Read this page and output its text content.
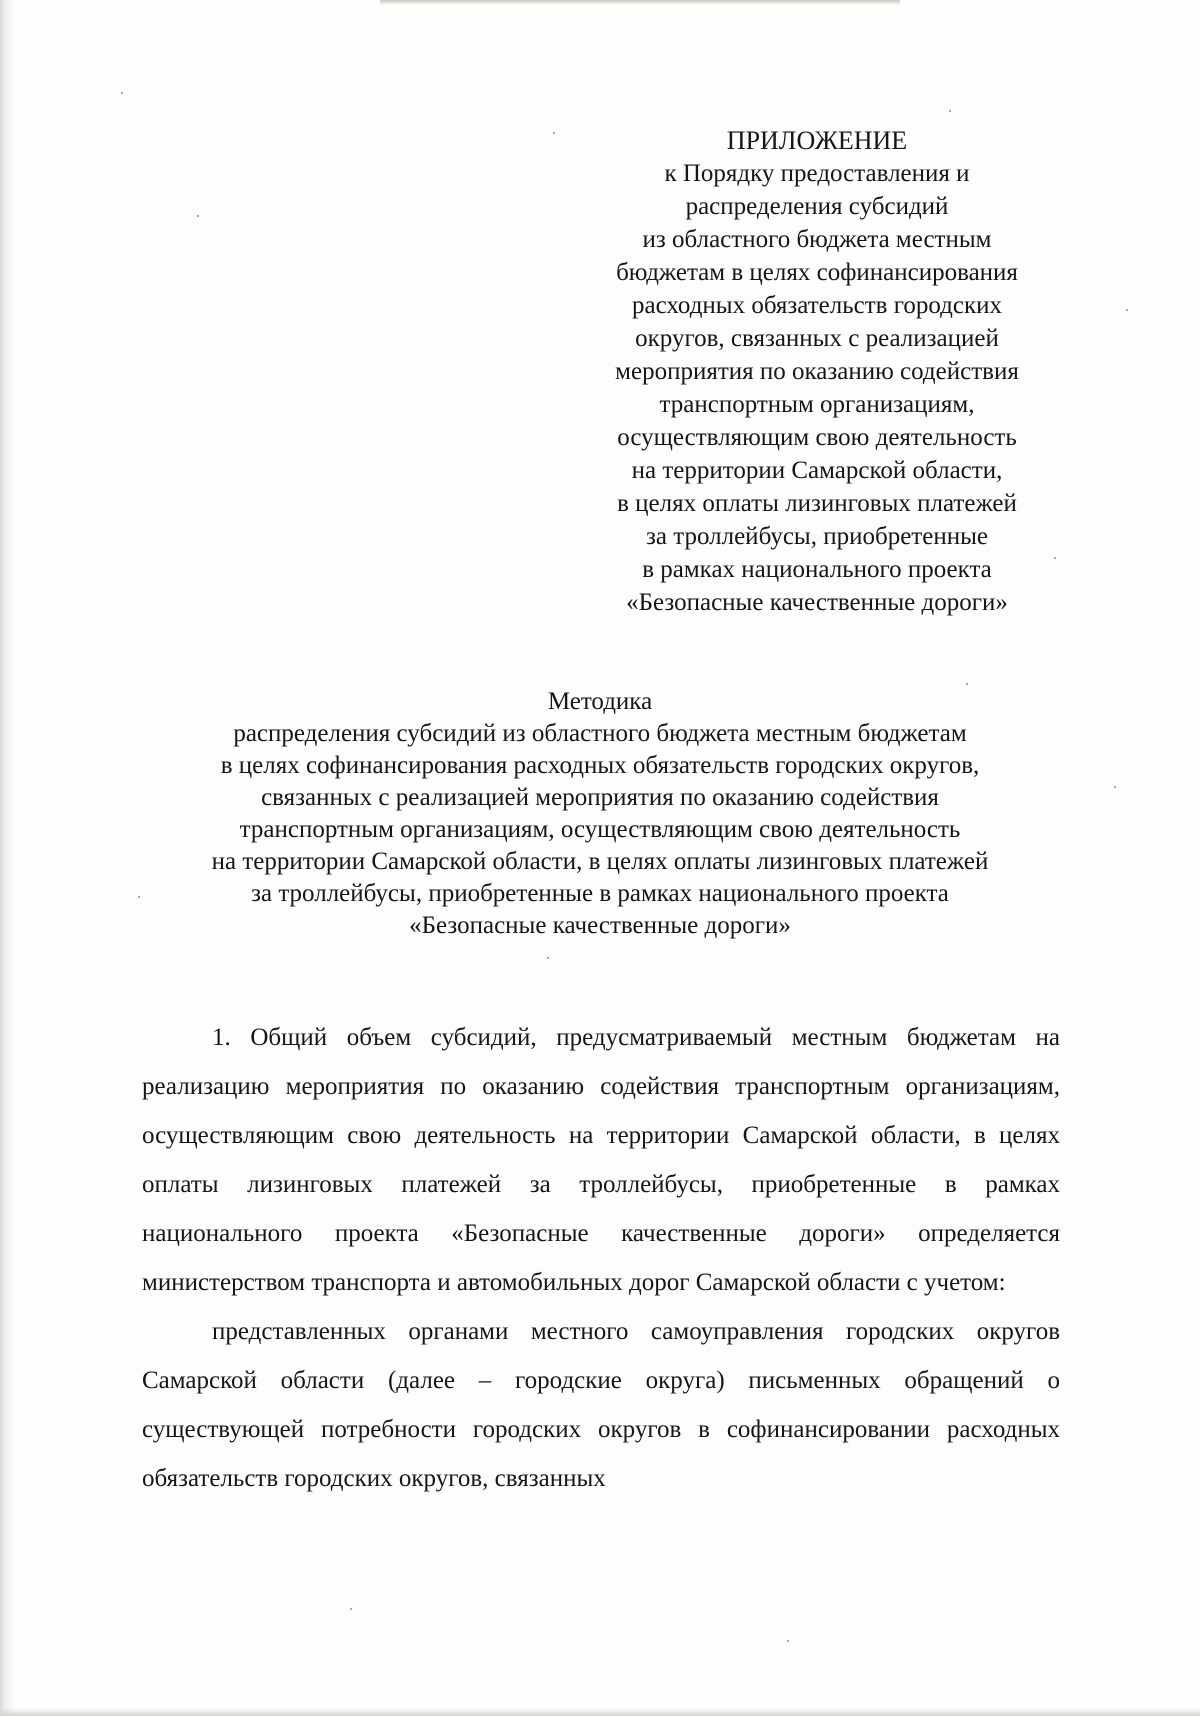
ПРИЛОЖЕНИЕ
к Порядку предоставления и
распределения субсидий
из областного бюджета местным
бюджетам в целях софинансирования
расходных обязательств городских
округов, связанных с реализацией
мероприятия по оказанию содействия
транспортным организациям,
осуществляющим свою деятельность
на территории Самарской области,
в целях оплаты лизинговых платежей
за троллейбусы, приобретенные
в рамках национального проекта
«Безопасные качественные дороги»
Методика
распределения субсидий из областного бюджета местным бюджетам
в целях софинансирования расходных обязательств городских округов,
связанных с реализацией мероприятия по оказанию содействия
транспортным организациям, осуществляющим свою деятельность
на территории Самарской области, в целях оплаты лизинговых платежей
за троллейбусы, приобретенные в рамках национального проекта
«Безопасные качественные дороги»

1. Общий объем субсидий, предусматриваемый местным бюджетам на реализацию мероприятия по оказанию содействия транспортным организациям, осуществляющим свою деятельность на территории Самарской области, в целях оплаты лизинговых платежей за троллейбусы, приобретенные в рамках национального проекта «Безопасные качественные дороги» определяется министерством транспорта и автомобильных дорог Самарской области с учетом:

представленных органами местного самоуправления городских округов Самарской области (далее – городские округа) письменных обращений о существующей потребности городских округов в софинансировании расходных обязательств городских округов, связанных
